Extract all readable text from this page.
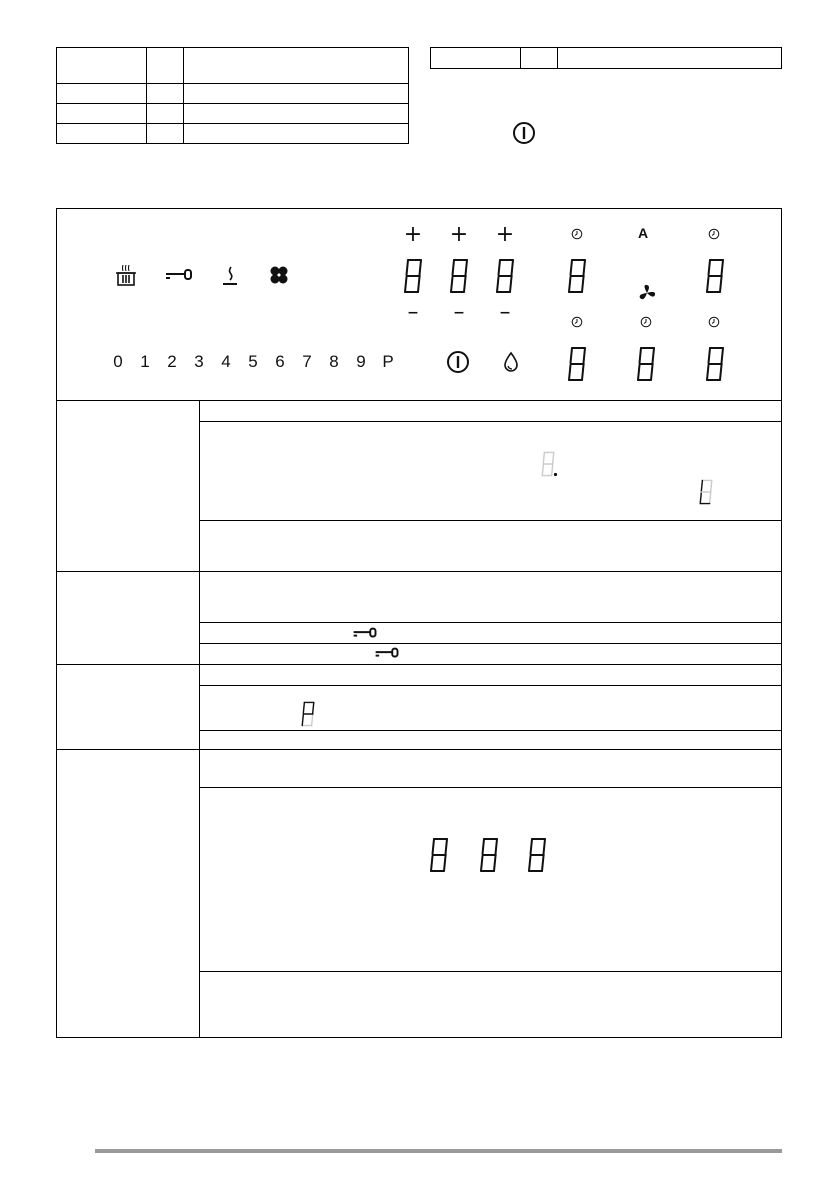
+ + +
– – –
A
0 1 2 3 4 5 6 7 8 9 P
